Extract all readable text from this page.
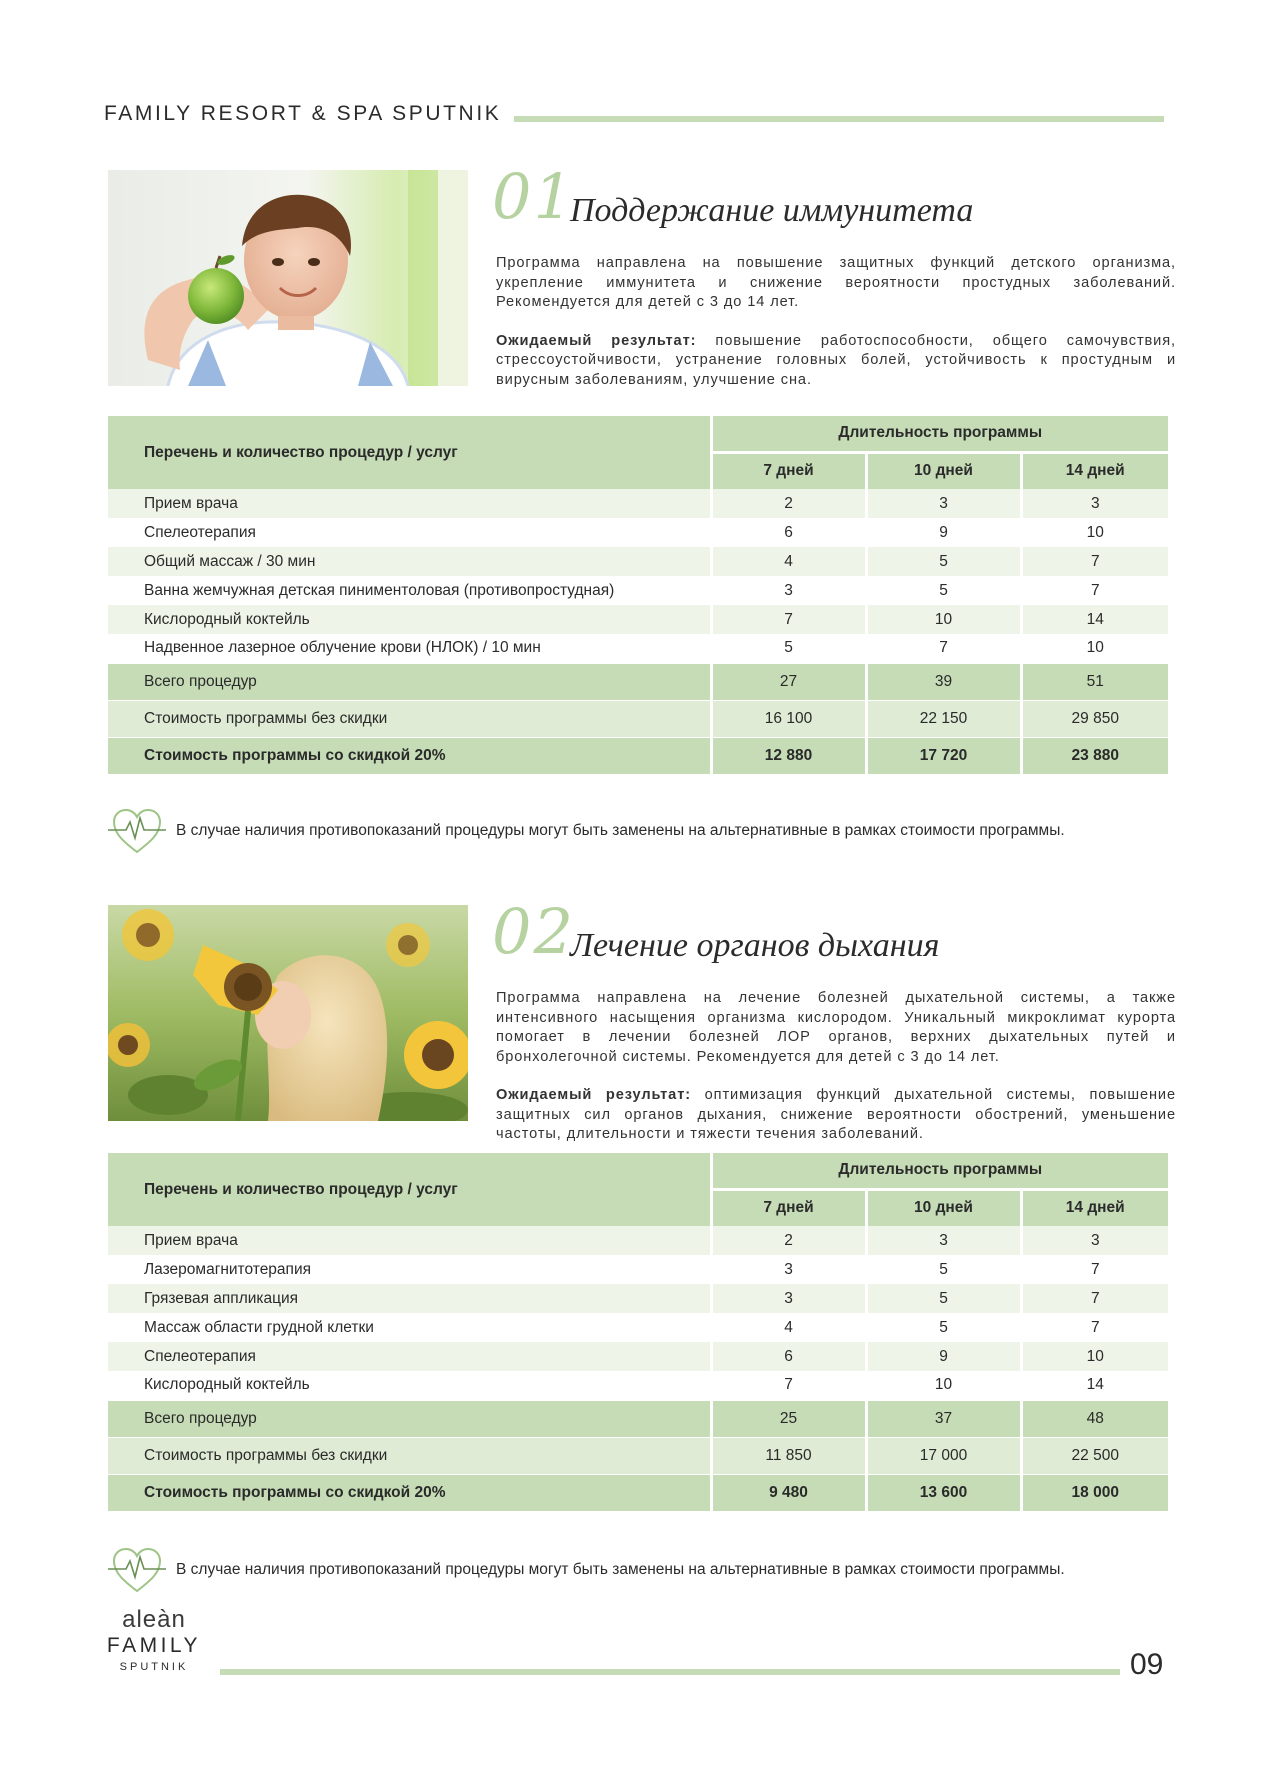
FAMILY RESORT & SPA SPUTNIK
01
Поддержание иммунитета

Программа направлена на повышение защитных функций детского организма, укрепление иммунитета и снижение вероятности простудных заболеваний. Рекомендуется для детей с 3 до 14 лет.

Ожидаемый результат: повышение работоспособности, общего самочувствия, стрессоустойчивости, устранение головных болей, устойчивость к простудным и вирусным заболеваниям, улучшение сна.

Перечень и количество процедур / услуг	Длительность программы		
	7 дней	10 дней	14 дней
Прием врача	2	3	3
Спелеотерапия	6	9	10
Общий массаж / 30 мин	4	5	7
Ванна жемчужная детская пиниментоловая (противопростудная)	3	5	7
Кислородный коктейль	7	10	14
Надвенное лазерное облучение крови (НЛОК) / 10 мин	5	7	10
Всего процедур	27	39	51
Стоимость программы без скидки	16 100	22 150	29 850
Стоимость программы со скидкой 20%	12 880	17 720	23 880
В случае наличия противопоказаний процедуры могут быть заменены на альтернативные в рамках стоимости программы.
02
Лечение органов дыхания

Программа направлена на лечение болезней дыхательной системы, а также интенсивного насыщения организма кислородом. Уникальный микроклимат курорта помогает в лечении болезней ЛОР органов, верхних дыхательных путей и бронхолегочной системы. Рекомендуется для детей с 3 до 14 лет.

Ожидаемый результат: оптимизация функций дыхательной системы, повышение защитных сил органов дыхания, снижение вероятности обострений, уменьшение частоты, длительности и тяжести течения заболеваний.

Перечень и количество процедур / услуг	Длительность программы		
	7 дней	10 дней	14 дней
Прием врача	2	3	3
Лазеромагнитотерапия	3	5	7
Грязевая аппликация	3	5	7
Массаж области грудной клетки	4	5	7
Спелеотерапия	6	9	10
Кислородный коктейль	7	10	14
Всего процедур	25	37	48
Стоимость программы без скидки	11 850	17 000	22 500
Стоимость программы со скидкой 20%	9 480	13 600	18 000
В случае наличия противопоказаний процедуры могут быть заменены на альтернативные в рамках стоимости программы.
aleàn
FAMILY
SPUTNIK	09
